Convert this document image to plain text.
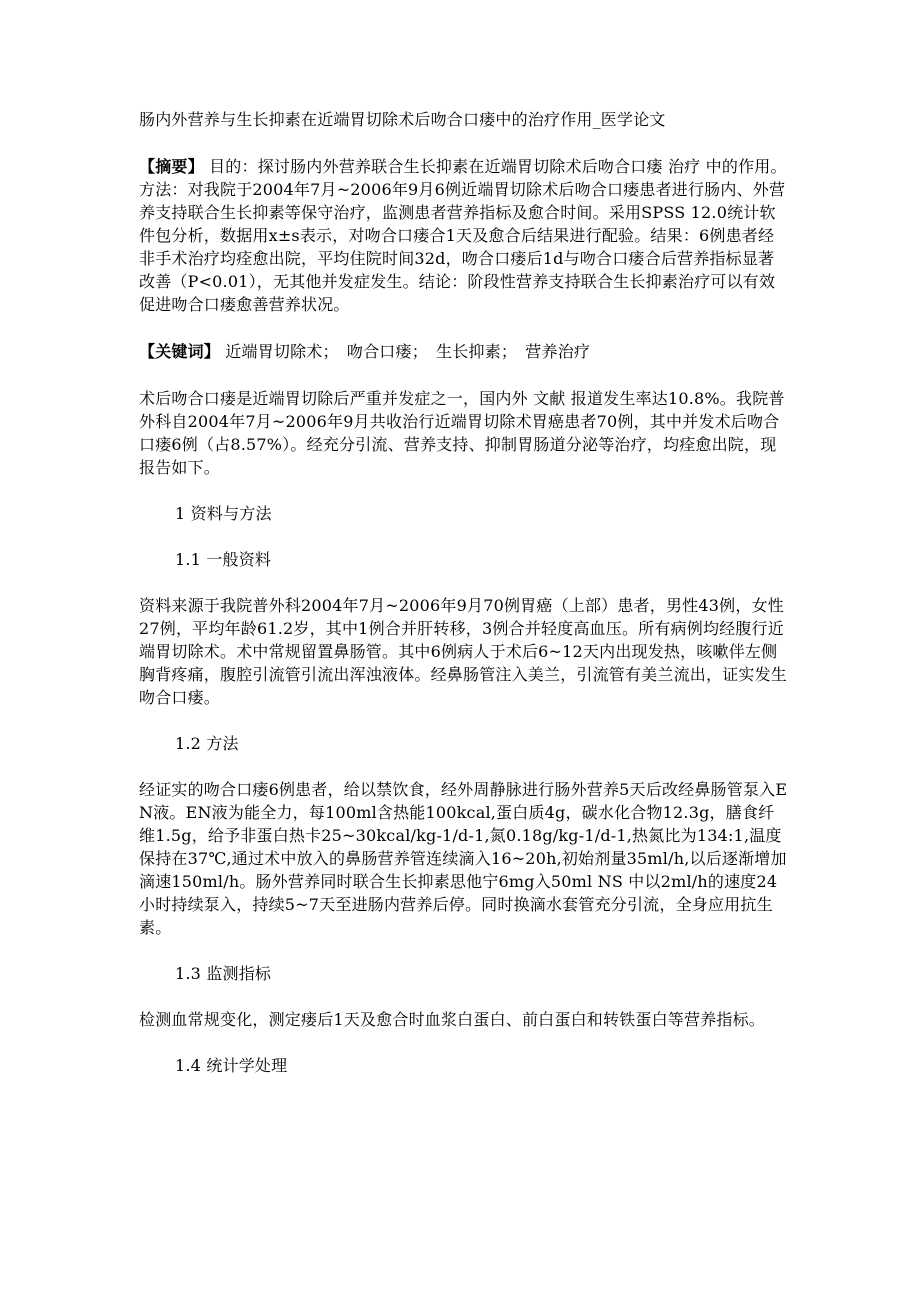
肠内外营养与生长抑素在近端胃切除术后吻合口瘘中的治疗作用_医学论文

【摘要】 目的：探讨肠内外营养联合生长抑素在近端胃切除术后吻合口瘘 治疗 中的作用。方法：对我院于2004年7月~2006年9月6例近端胃切除术后吻合口瘘患者进行肠内、外营养支持联合生长抑素等保守治疗，监测患者营养指标及愈合时间。采用SPSS 12.0统计软件包分析，数据用x±s表示，对吻合口瘘合1天及愈合后结果进行配验。结果：6例患者经非手术治疗均痊愈出院，平均住院时间32d，吻合口瘘后1d与吻合口瘘合后营养指标显著改善（P<0.01），无其他并发症发生。结论：阶段性营养支持联合生长抑素治疗可以有效促进吻合口瘘愈善营养状况。

【关键词】 近端胃切除术；　吻合口瘘；　生长抑素；　营养治疗

术后吻合口瘘是近端胃切除后严重并发症之一，国内外 文献 报道发生率达10.8%。我院普外科自2004年7月~2006年9月共收治行近端胃切除术胃癌患者70例，其中并发术后吻合口瘘6例（占8.57%）。经充分引流、营养支持、抑制胃肠道分泌等治疗，均痊愈出院，现报告如下。

1 资料与方法

1.1 一般资料

资料来源于我院普外科2004年7月~2006年9月70例胃癌（上部）患者，男性43例，女性27例，平均年龄61.2岁，其中1例合并肝转移，3例合并轻度高血压。所有病例均经腹行近端胃切除术。术中常规留置鼻肠管。其中6例病人于术后6~12天内出现发热，咳嗽伴左侧胸背疼痛，腹腔引流管引流出浑浊液体。经鼻肠管注入美兰，引流管有美兰流出，证实发生吻合口瘘。

1.2 方法

经证实的吻合口瘘6例患者，给以禁饮食，经外周静脉进行肠外营养5天后改经鼻肠管泵入EN液。EN液为能全力，每100ml含热能100kcal,蛋白质4g，碳水化合物12.3g，膳食纤维1.5g，给予非蛋白热卡25~30kcal/kg-1/d-1,氮0.18g/kg-1/d-1,热氮比为134:1,温度保持在37℃,通过术中放入的鼻肠营养管连续滴入16~20h,初始剂量35ml/h,以后逐渐增加滴速150ml/h。肠外营养同时联合生长抑素思他宁6mg入50ml NS 中以2ml/h的速度24小时持续泵入，持续5~7天至进肠内营养后停。同时换滴水套管充分引流，全身应用抗生素。

1.3 监测指标

检测血常规变化，测定瘘后1天及愈合时血浆白蛋白、前白蛋白和转铁蛋白等营养指标。

1.4 统计学处理
